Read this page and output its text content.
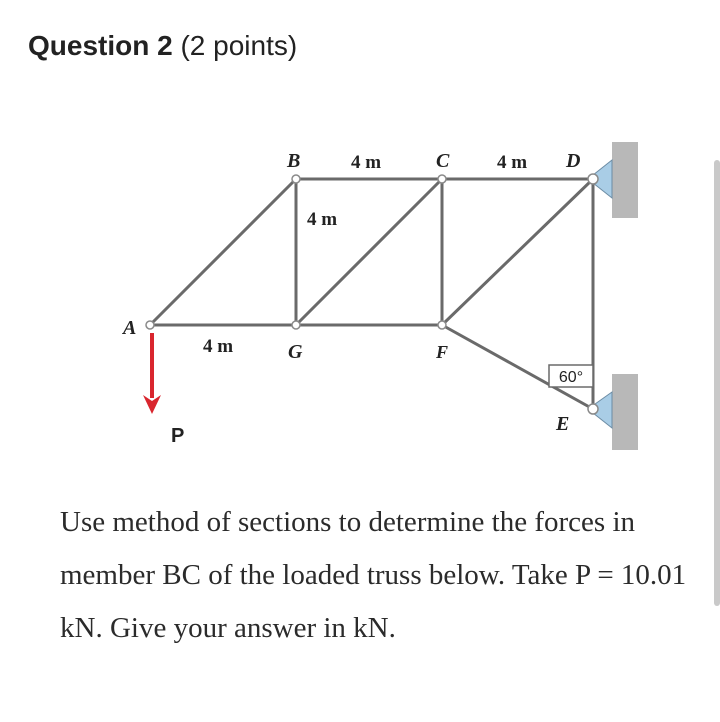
Question 2 (2 points)
60°
P
A
B	C	D
E
F
G
4 m
4 m	4 m
4 m

Use method of sections to determine the forces in member BC of the loaded truss below. Take P = 10.01 kN. Give your answer in kN.
